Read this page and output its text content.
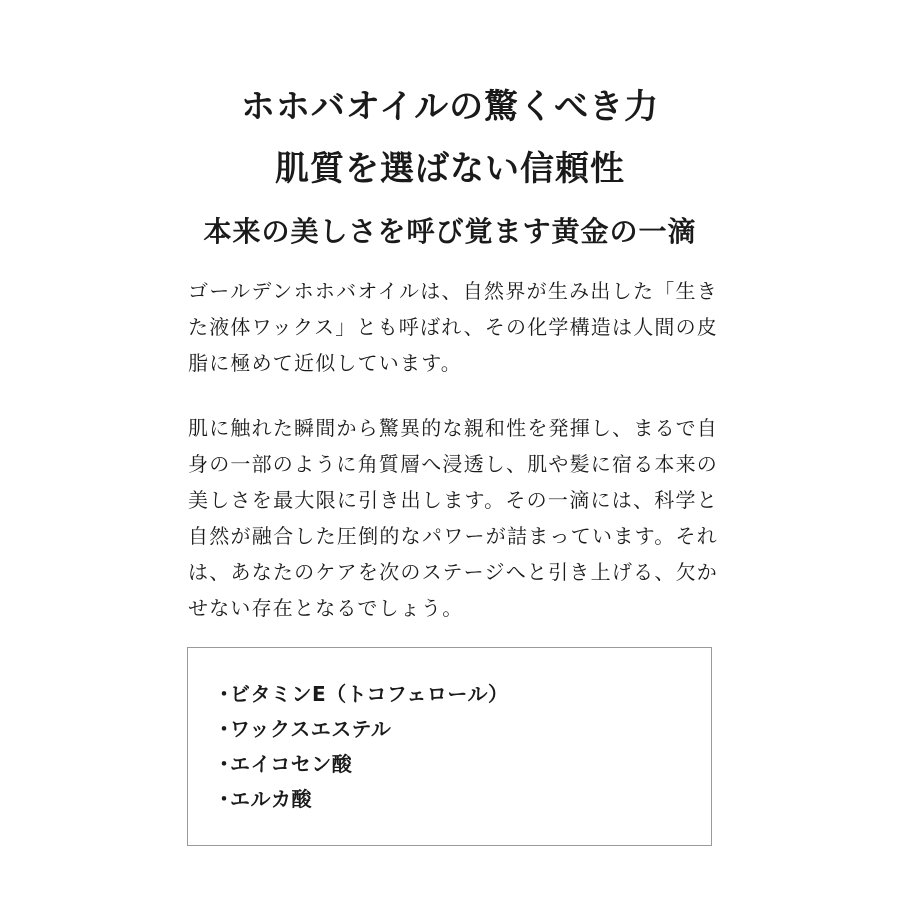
ホホバオイルの驚くべき力
肌質を選ばない信頼性
本来の美しさを呼び覚ます黄金の一滴

ゴールデンホホバオイルは、自然界が生み出した「生きた液体ワックス」とも呼ばれ、その化学構造は人間の皮脂に極めて近似しています。

肌に触れた瞬間から驚異的な親和性を発揮し、まるで自身の一部のように角質層へ浸透し、肌や髪に宿る本来の美しさを最大限に引き出します。その一滴には、科学と自然が融合した圧倒的なパワーが詰まっています。それは、あなたのケアを次のステージへと引き上げる、欠かせない存在となるでしょう。

・ビタミンE（トコフェロール）
・ワックスエステル
・エイコセン酸
・エルカ酸
